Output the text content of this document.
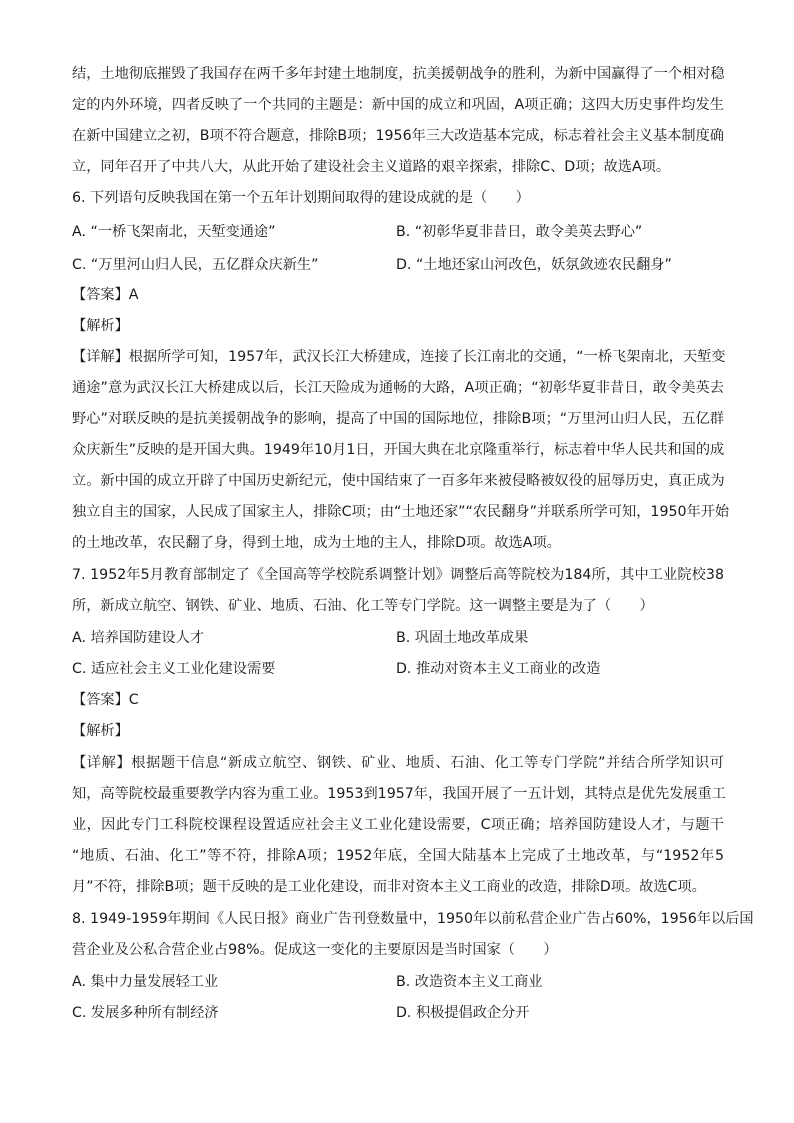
结，土地彻底摧毁了我国存在两千多年封建土地制度，抗美援朝战争的胜利，为新中国赢得了一个相对稳
定的内外环境，四者反映了一个共同的主题是：新中国的成立和巩固，A项正确；这四大历史事件均发生
在新中国建立之初，B项不符合题意，排除B项；1956年三大改造基本完成，标志着社会主义基本制度确
立，同年召开了中共八大，从此开始了建设社会主义道路的艰辛探索，排除C、D项；故选A项。
6. 下列语句反映我国在第一个五年计划期间取得的建设成就的是（　　）
A. “一桥飞架南北，天堑变通途”	B. “初彰华夏非昔日，敢令美英去野心”
C. “万里河山归人民，五亿群众庆新生”	D. “土地还家山河改色，妖氛敛迹农民翻身”
【答案】A
【解析】
【详解】根据所学可知，1957年，武汉长江大桥建成，连接了长江南北的交通，“一桥飞架南北，天堑变
通途”意为武汉长江大桥建成以后，长江天险成为通畅的大路，A项正确；“初彰华夏非昔日，敢令美英去
野心”对联反映的是抗美援朝战争的影响，提高了中国的国际地位，排除B项；“万里河山归人民，五亿群
众庆新生”反映的是开国大典。1949年10月1日，开国大典在北京隆重举行，标志着中华人民共和国的成
立。新中国的成立开辟了中国历史新纪元，使中国结束了一百多年来被侵略被奴役的屈辱历史，真正成为
独立自主的国家，人民成了国家主人，排除C项；由“土地还家”“农民翻身”并联系所学可知，1950年开始
的土地改革，农民翻了身，得到土地，成为土地的主人，排除D项。故选A项。
7. 1952年5月教育部制定了《全国高等学校院系调整计划》调整后高等院校为184所，其中工业院校38
所，新成立航空、钢铁、矿业、地质、石油、化工等专门学院。这一调整主要是为了（　　）
A. 培养国防建设人才	B. 巩固土地改革成果
C. 适应社会主义工业化建设需要	D. 推动对资本主义工商业的改造
【答案】C
【解析】
【详解】根据题干信息“新成立航空、钢铁、矿业、地质、石油、化工等专门学院”并结合所学知识可
知，高等院校最重要教学内容为重工业。1953到1957年，我国开展了一五计划，其特点是优先发展重工
业，因此专门工科院校课程设置适应社会主义工业化建设需要，C项正确；培养国防建设人才，与题干
“地质、石油、化工”等不符，排除A项；1952年底，全国大陆基本上完成了土地改革，与“1952年5
月”不符，排除B项；题干反映的是工业化建设，而非对资本主义工商业的改造，排除D项。故选C项。
8. 1949-1959年期间《人民日报》商业广告刊登数量中，1950年以前私营企业广告占60%，1956年以后国
营企业及公私合营企业占98%。促成这一变化的主要原因是当时国家（　　）
A. 集中力量发展轻工业	B. 改造资本主义工商业
C. 发展多种所有制经济	D. 积极提倡政企分开
